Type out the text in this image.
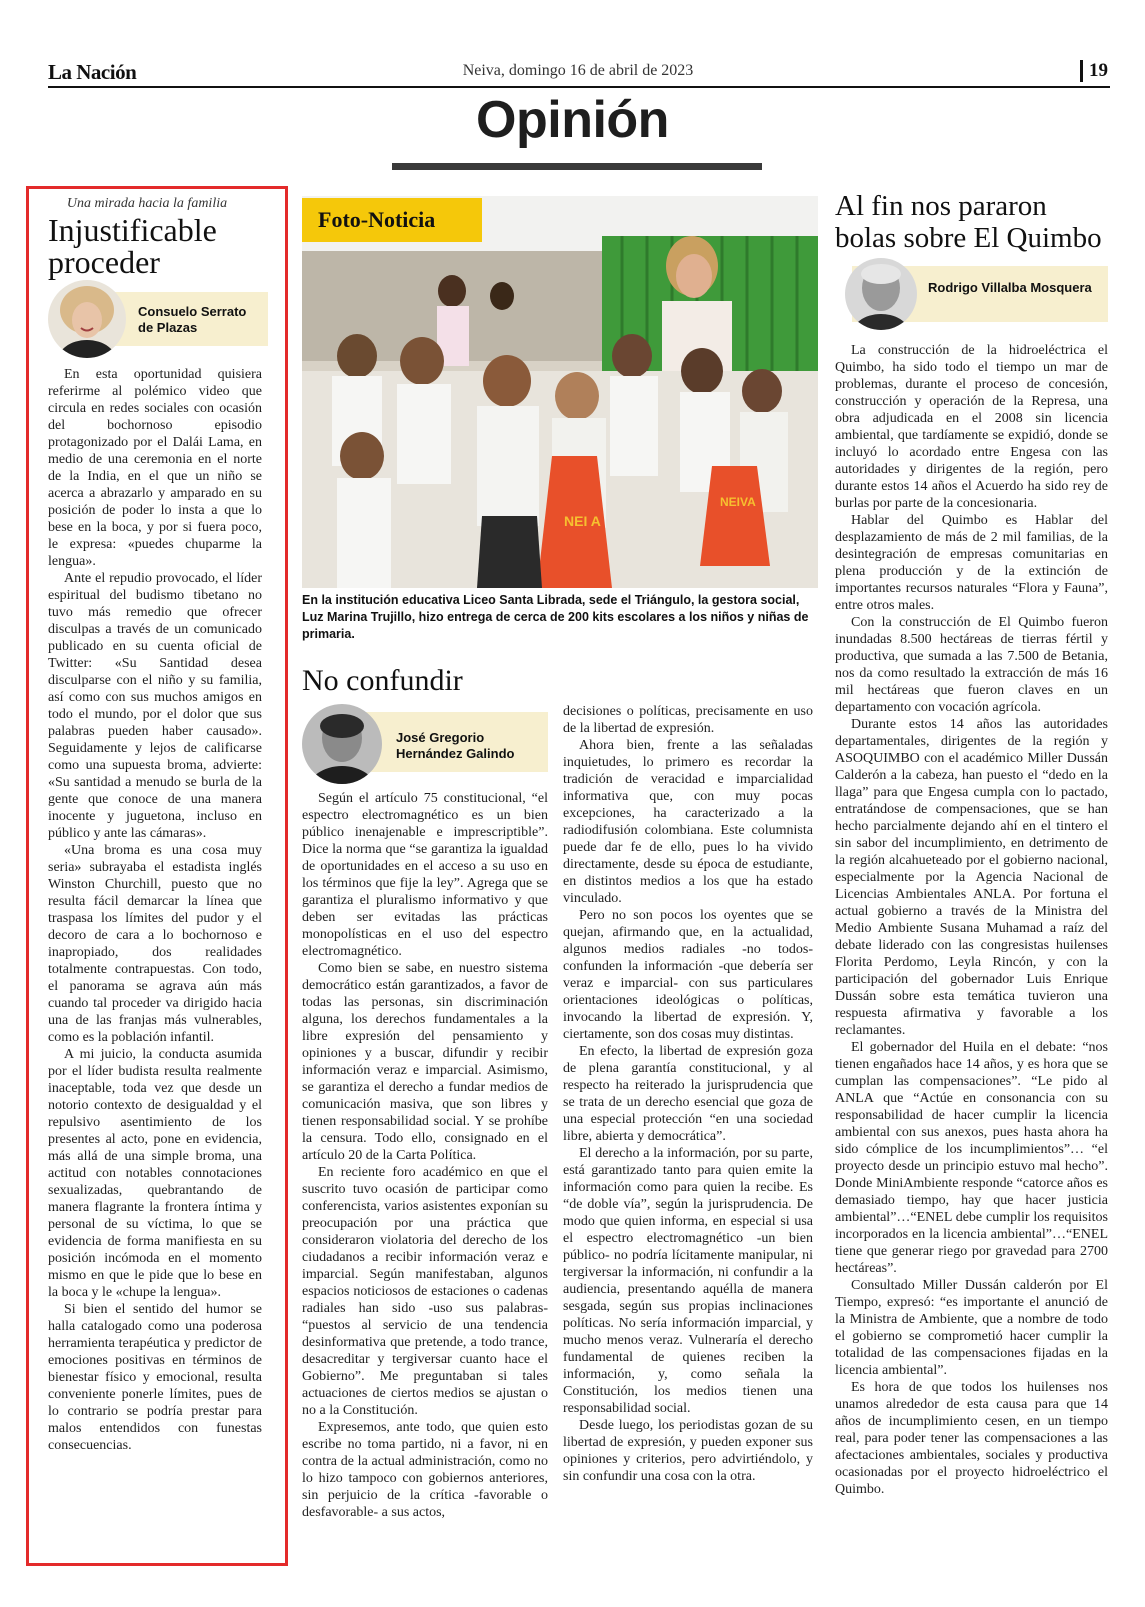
La Nación	Neiva, domingo 16 de abril de 2023	19
Opinión
Una mirada hacia la familia
Injustificable proceder
Consuelo Serrato de Plazas

En esta oportunidad quisiera referirme al polémico video que circula en redes sociales con ocasión del bochornoso episodio protagonizado por el Dalái Lama, en medio de una ceremonia en el norte de la India, en el que un niño se acerca a abrazarlo y amparado en su posición de poder lo insta a que lo bese en la boca, y por si fuera poco, le expresa: «puedes chuparme la lengua».

Ante el repudio provocado, el líder espiritual del budismo tibetano no tuvo más remedio que ofrecer disculpas a través de un comunicado publicado en su cuenta oficial de Twitter: «Su Santidad desea disculparse con el niño y su familia, así como con sus muchos amigos en todo el mundo, por el dolor que sus palabras pueden haber causado». Seguidamente y lejos de calificarse como una supuesta broma, advierte: «Su santidad a menudo se burla de la gente que conoce de una manera inocente y juguetona, incluso en público y ante las cámaras».

«Una broma es una cosa muy seria» subrayaba el estadista inglés Winston Churchill, puesto que no resulta fácil demarcar la línea que traspasa los límites del pudor y el decoro de cara a lo bochornoso e inapropiado, dos realidades totalmente contrapuestas. Con todo, el panorama se agrava aún más cuando tal proceder va dirigido hacia una de las franjas más vulnerables, como es la población infantil.

A mi juicio, la conducta asumida por el líder budista resulta realmente inaceptable, toda vez que desde un notorio contexto de desigualdad y el repulsivo asentimiento de los presentes al acto, pone en evidencia, más allá de una simple broma, una actitud con notables connotaciones sexualizadas, quebrantando de manera flagrante la frontera íntima y personal de su víctima, lo que se evidencia de forma manifiesta en su posición incómoda en el momento mismo en que le pide que lo bese en la boca y le «chupe la lengua».

Si bien el sentido del humor se halla catalogado como una poderosa herramienta terapéutica y predictor de emociones positivas en términos de bienestar físico y emocional, resulta conveniente ponerle límites, pues de lo contrario se podría prestar para malos entendidos con funestas consecuencias.

NEI A
NEIVA
Foto-Noticia
En la institución educativa Liceo Santa Librada, sede el Triángulo, la gestora social, Luz Marina Trujillo, hizo entrega de cerca de 200 kits escolares a los niños y niñas de primaria.
No confundir
José Gregorio Hernández Galindo

Según el artículo 75 constitucional, “el espectro electromagnético es un bien público inenajenable e imprescriptible”. Dice la norma que “se garantiza la igualdad de oportunidades en el acceso a su uso en los términos que fije la ley”. Agrega que se garantiza el pluralismo informativo y que deben ser evitadas las prácticas monopolísticas en el uso del espectro electromagnético.

Como bien se sabe, en nuestro sistema democrático están garantizados, a favor de todas las personas, sin discriminación alguna, los derechos fundamentales a la libre expresión del pensamiento y opiniones y a buscar, difundir y recibir información veraz e imparcial. Asimismo, se garantiza el derecho a fundar medios de comunicación masiva, que son libres y tienen responsabilidad social. Y se prohíbe la censura. Todo ello, consignado en el artículo 20 de la Carta Política.

En reciente foro académico en que el suscrito tuvo ocasión de participar como conferencista, varios asistentes exponían su preocupación por una práctica que consideraron violatoria del derecho de los ciudadanos a recibir información veraz e imparcial. Según manifestaban, algunos espacios noticiosos de estaciones o cadenas radiales han sido -uso sus palabras- “puestos al servicio de una tendencia desinformativa que pretende, a todo trance, desacreditar y tergiversar cuanto hace el Gobierno”. Me preguntaban si tales actuaciones de ciertos medios se ajustan o no a la Constitución.

Expresemos, ante todo, que quien esto escribe no toma partido, ni a favor, ni en contra de la actual administración, como no lo hizo tampoco con gobiernos anteriores, sin perjuicio de la crítica -favorable o desfavorable- a sus actos,

decisiones o políticas, precisamente en uso de la libertad de expresión.

Ahora bien, frente a las señaladas inquietudes, lo primero es recordar la tradición de veracidad e imparcialidad informativa que, con muy pocas excepciones, ha caracterizado a la radiodifusión colombiana. Este columnista puede dar fe de ello, pues lo ha vivido directamente, desde su época de estudiante, en distintos medios a los que ha estado vinculado.

Pero no son pocos los oyentes que se quejan, afirmando que, en la actualidad, algunos medios radiales -no todos- confunden la información -que debería ser veraz e imparcial- con sus particulares orientaciones ideológicas o políticas, invocando la libertad de expresión. Y, ciertamente, son dos cosas muy distintas.

En efecto, la libertad de expresión goza de plena garantía constitucional, y al respecto ha reiterado la jurisprudencia que se trata de un derecho esencial que goza de una especial protección “en una sociedad libre, abierta y democrática”.

El derecho a la información, por su parte, está garantizado tanto para quien emite la información como para quien la recibe. Es “de doble vía”, según la jurisprudencia. De modo que quien informa, en especial si usa el espectro electromagnético -un bien público- no podría lícitamente manipular, ni tergiversar la información, ni confundir a la audiencia, presentando aquélla de manera sesgada, según sus propias inclinaciones políticas. No sería información imparcial, y mucho menos veraz. Vulneraría el derecho fundamental de quienes reciben la información, y, como señala la Constitución, los medios tienen una responsabilidad social.

Desde luego, los periodistas gozan de su libertad de expresión, y pueden exponer sus opiniones y criterios, pero advirtiéndolo, y sin confundir una cosa con la otra.

Al fin nos pararon bolas sobre El Quimbo
Rodrigo Villalba Mosquera

La construcción de la hidroeléctrica el Quimbo, ha sido todo el tiempo un mar de problemas, durante el proceso de concesión, construcción y operación de la Represa, una obra adjudicada en el 2008 sin licencia ambiental, que tardíamente se expidió, donde se incluyó lo acordado entre Engesa con las autoridades y dirigentes de la región, pero durante estos 14 años el Acuerdo ha sido rey de burlas por parte de la concesionaria.

Hablar del Quimbo es Hablar del desplazamiento de más de 2 mil familias, de la desintegración de empresas comunitarias en plena producción y de la extinción de importantes recursos naturales “Flora y Fauna”, entre otros males.

Con la construcción de El Quimbo fueron inundadas 8.500 hectáreas de tierras fértil y productiva, que sumada a las 7.500 de Betania, nos da como resultado la extracción de más 16 mil hectáreas que fueron claves en un departamento con vocación agrícola.

Durante estos 14 años las autoridades departamentales, dirigentes de la región y ASOQUIMBO con el académico Miller Dussán Calderón a la cabeza, han puesto el “dedo en la llaga” para que Engesa cumpla con lo pactado, entratándose de compensaciones, que se han hecho parcialmente dejando ahí en el tintero el sin sabor del incumplimiento, en detrimento de la región alcahueteado por el gobierno nacional, especialmente por la Agencia Nacional de Licencias Ambientales ANLA. Por fortuna el actual gobierno a través de la Ministra del Medio Ambiente Susana Muhamad a raíz del debate liderado con las congresistas huilenses Florita Perdomo, Leyla Rincón, y con la participación del gobernador Luis Enrique Dussán sobre esta temática tuvieron una respuesta afirmativa y favorable a los reclamantes.

El gobernador del Huila en el debate: “nos tienen engañados hace 14 años, y es hora que se cumplan las compensaciones”. “Le pido al ANLA que “Actúe en consonancia con su responsabilidad de hacer cumplir la licencia ambiental con sus anexos, pues hasta ahora ha sido cómplice de los incumplimientos”… “el proyecto desde un principio estuvo mal hecho”. Donde MiniAmbiente responde “catorce años es demasiado tiempo, hay que hacer justicia ambiental”…“ENEL debe cumplir los requisitos incorporados en la licencia ambiental”…“ENEL tiene que generar riego por gravedad para 2700 hectáreas”.

Consultado Miller Dussán calderón por El Tiempo, expresó: “es importante el anunció de la Ministra de Ambiente, que a nombre de todo el gobierno se comprometió hacer cumplir la totalidad de las compensaciones fijadas en la licencia ambiental”.

Es hora de que todos los huilenses nos unamos alrededor de esta causa para que 14 años de incumplimiento cesen, en un tiempo real, para poder tener las compensaciones a las afectaciones ambientales, sociales y productiva ocasionadas por el proyecto hidroeléctrico el Quimbo.
